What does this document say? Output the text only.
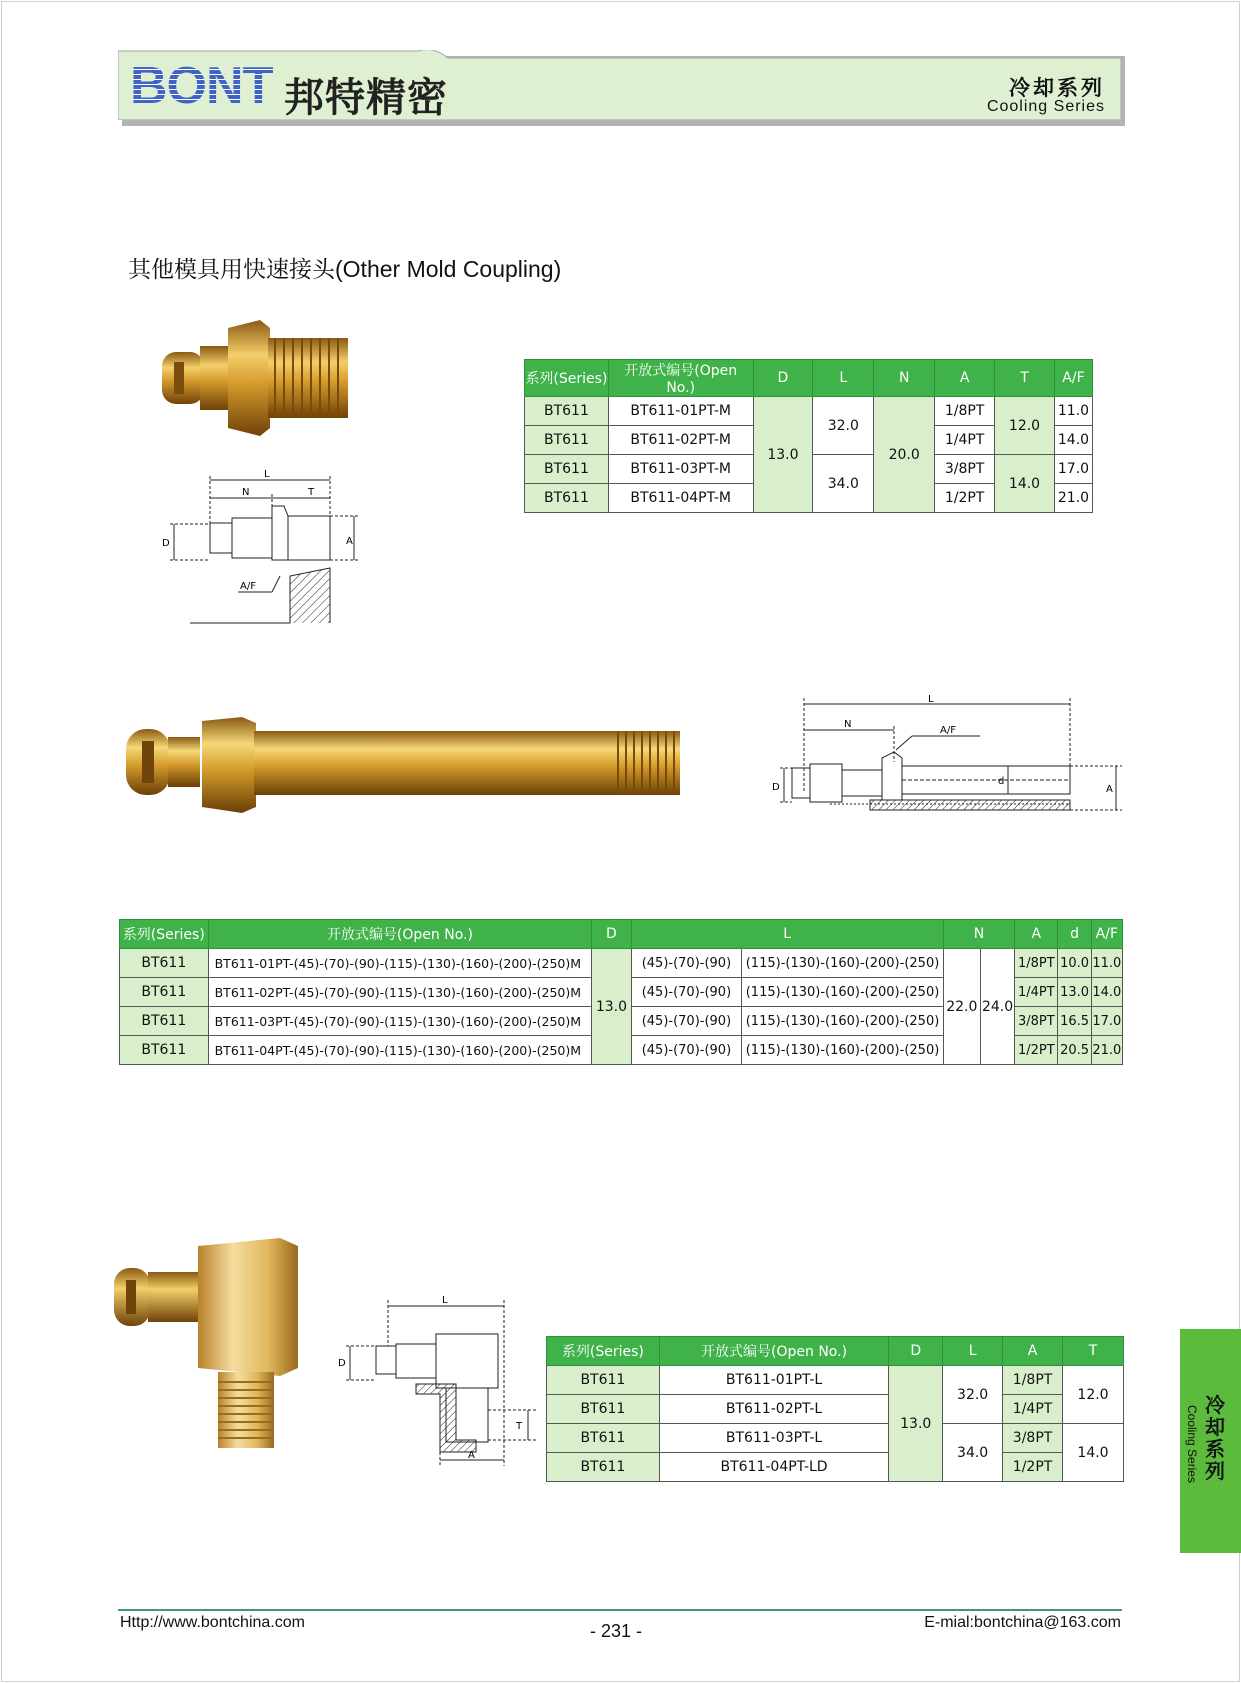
BONT 邦特精密	冷却系列
Cooling Series
其他模具用快速接头(Other Mold Coupling)
L
N	T
D	A
A/F
系列(Series)	开放式编号(Open No.)	D	L	N	A	T	A/F
BT611	BT611-01PT-M	13.0	32.0	20.0	1/8PT	12.0	11.0
BT611	BT611-02PT-M				1/4PT		14.0
BT611	BT611-03PT-M		34.0		3/8PT	14.0	17.0
BT611	BT611-04PT-M				1/2PT		21.0
L
N
A/F
D
d
A
系列(Series)	开放式编号(Open No.)	D	L		N		A	d	A/F
BT611	BT611-01PT-(45)-(70)-(90)-(115)-(130)-(160)-(200)-(250)M	13.0	(45)-(70)-(90)	(115)-(130)-(160)-(200)-(250)	22.0	24.0	1/8PT	10.0	11.0
BT611	BT611-02PT-(45)-(70)-(90)-(115)-(130)-(160)-(200)-(250)M		(45)-(70)-(90)	(115)-(130)-(160)-(200)-(250)			1/4PT	13.0	14.0
BT611	BT611-03PT-(45)-(70)-(90)-(115)-(130)-(160)-(200)-(250)M		(45)-(70)-(90)	(115)-(130)-(160)-(200)-(250)			3/8PT	16.5	17.0
BT611	BT611-04PT-(45)-(70)-(90)-(115)-(130)-(160)-(200)-(250)M		(45)-(70)-(90)	(115)-(130)-(160)-(200)-(250)			1/2PT	20.5	21.0
L
D
T
A
系列(Series)	开放式编号(Open No.)	D	L	A	T
BT611	BT611-01PT-L	13.0	32.0	1/8PT	12.0
BT611	BT611-02PT-L			1/4PT	
BT611	BT611-03PT-L		34.0	3/8PT	14.0
BT611	BT611-04PT-LD			1/2PT	
冷却系列
Cooling Series
Http://www.bontchina.com	- 231 -	E-mial:bontchina@163.com
